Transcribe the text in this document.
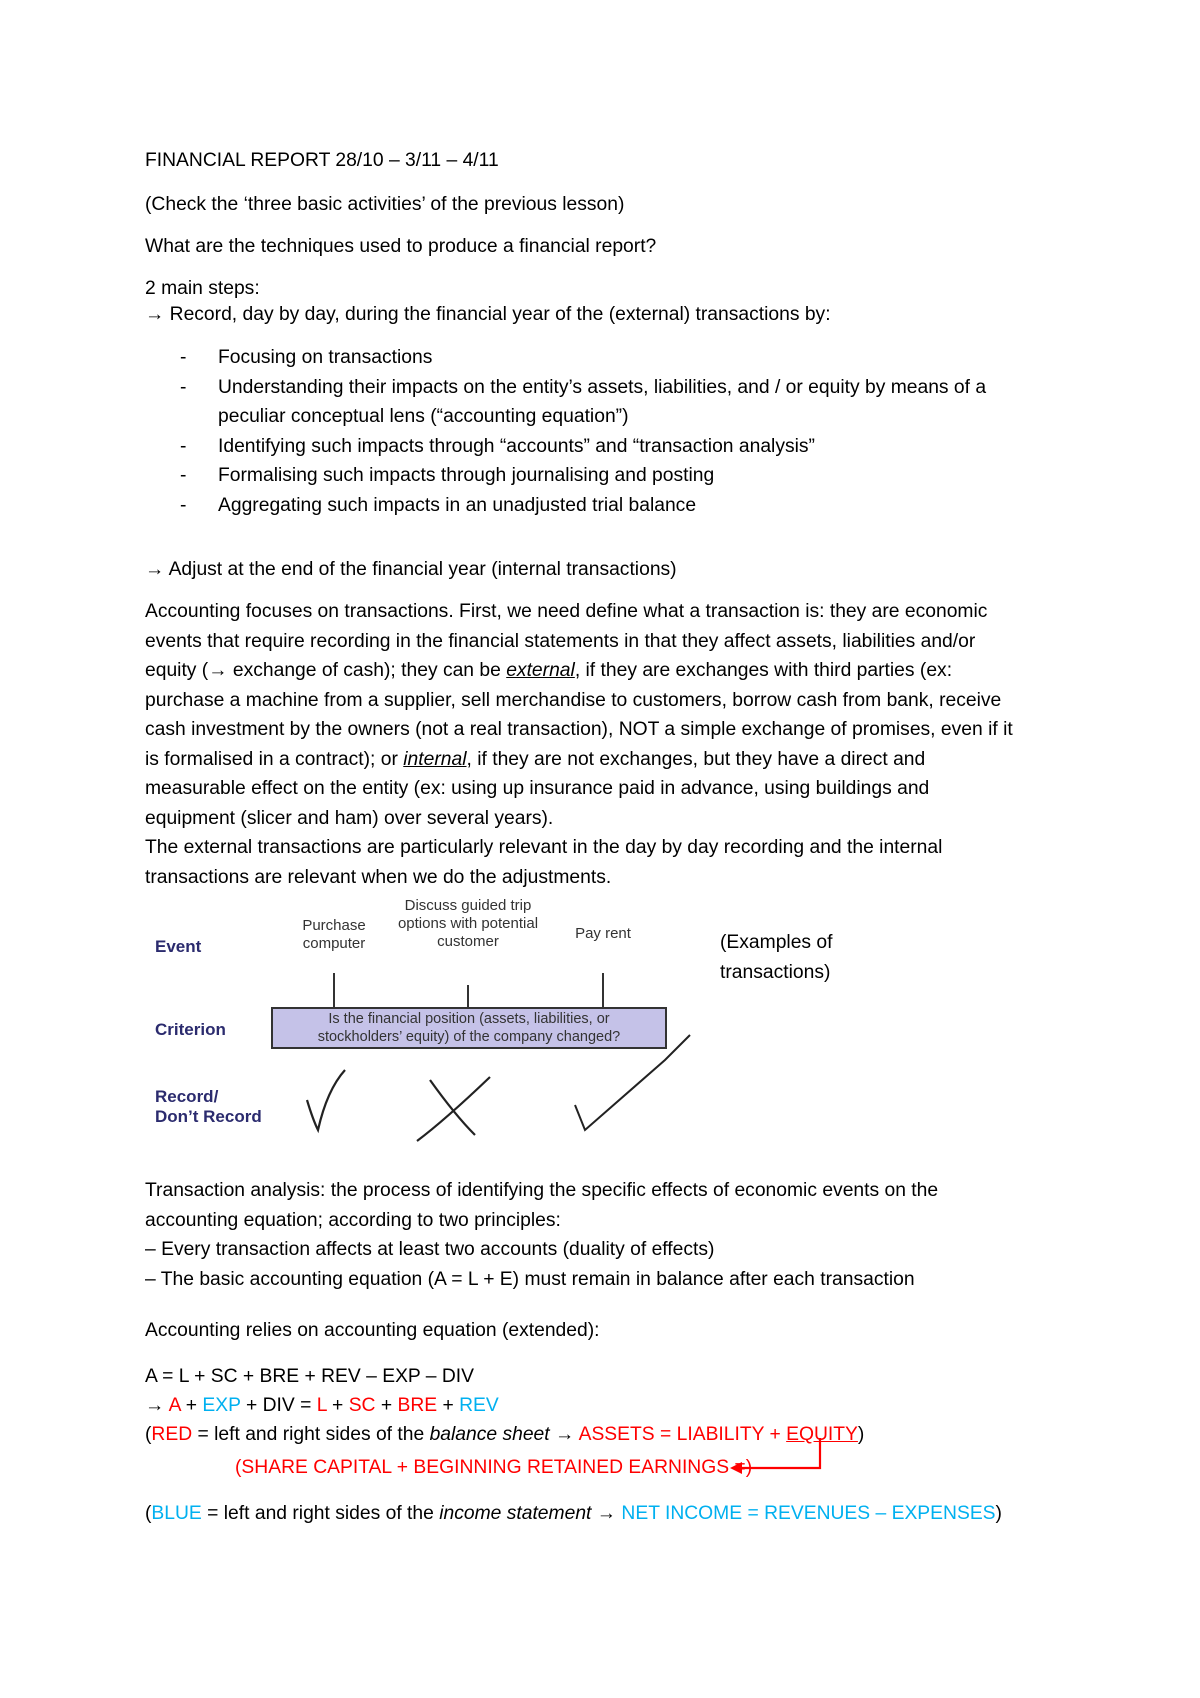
FINANCIAL REPORT 28/10 – 3/11 – 4/11
(Check the ‘three basic activities’ of the previous lesson)
What are the techniques used to produce a financial report?
2 main steps:
→ Record, day by day, during the financial year of the (external) transactions by:
- Focusing on transactions
- Understanding their impacts on the entity’s assets, liabilities, and / or equity by means of a
peculiar conceptual lens (“accounting equation”)
- Identifying such impacts through “accounts” and “transaction analysis”
- Formalising such impacts through journalising and posting
- Aggregating such impacts in an unadjusted trial balance
→ Adjust at the end of the financial year (internal transactions)

Accounting focuses on transactions. First, we need define what a transaction is: they are economic

events that require recording in the financial statements in that they affect assets, liabilities and/or

equity (→ exchange of cash); they can be external, if they are exchanges with third parties (ex:

purchase a machine from a supplier, sell merchandise to customers, borrow cash from bank, receive

cash investment by the owners (not a real transaction), NOT a simple exchange of promises, even if it

is formalised in a contract); or internal, if they are not exchanges, but they have a direct and

measurable effect on the entity (ex: using up insurance paid in advance, using buildings and

equipment (slicer and ham) over several years).

The external transactions are particularly relevant in the day by day recording and the internal

transactions are relevant when we do the adjustments.

Event
Criterion
Record/
Don’t Record
Purchase
computer
Discuss guided trip
options with potential
customer	Pay rent
Is the financial position (assets, liabilities, or
stockholders’ equity) of the company changed?
(Examples of
transactions)

Transaction analysis: the process of identifying the specific effects of economic events on the

accounting equation; according to two principles:

– Every transaction affects at least two accounts (duality of effects)

– The basic accounting equation (A = L + E) must remain in balance after each transaction

Accounting relies on accounting equation (extended):
A = L + SC + BRE + REV – EXP – DIV
→ A + EXP + DIV = L + SC + BRE + REV
(RED = left and right sides of the balance sheet → ASSETS = LIABILITY + EQUITY)
(SHARE CAPITAL + BEGINNING RETAINED EARNINGS =)
(BLUE = left and right sides of the income statement → NET INCOME = REVENUES – EXPENSES)
